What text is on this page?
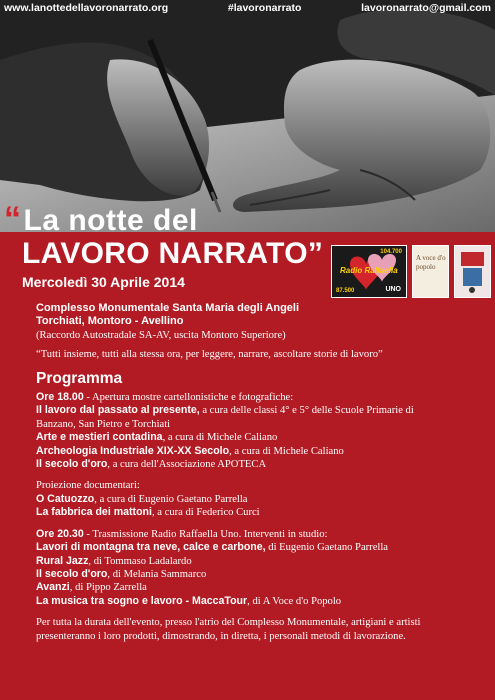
www.lanottedellavoronarrato.org	#lavoronarrato	lavoronarrato@gmail.com
“La notte del
LAVORO NARRATO”
Mercoledì 30 Aprile 2014
104.700
87.500
Radio Raffaella
UNO
A voce d'o popolo

Complesso Monumentale Santa Maria degli Angeli

Torchiati, Montoro - Avellino

(Raccordo Autostradale SA-AV, uscita Montoro Superiore)

“Tutti insieme, tutti alla stessa ora, per leggere, narrare, ascoltare storie di lavoro”

Programma

Ore 18.00 - Apertura mostre cartellonistiche e fotografiche:

Il lavoro dal passato al presente, a cura delle classi 4° e 5° delle Scuole Primarie di

Banzano, San Pietro e Torchiati

Arte e mestieri contadina, a cura di Michele Caliano

Archeologia Industriale XIX-XX Secolo, a cura di Michele Caliano

Il secolo d'oro, a cura dell'Associazione APOTECA

Proiezione documentari:

O Catuozzo, a cura di Eugenio Gaetano Parrella

La fabbrica dei mattoni, a cura di Federico Curci

Ore 20.30 - Trasmissione Radio Raffaella Uno. Interventi in studio:

Lavori di montagna tra neve, calce e carbone, di Eugenio Gaetano Parrella

Rural Jazz, di Tommaso Ladalardo

Il secolo d'oro, di Melania Sammarco

Avanzi, di Pippo Zarrella

La musica tra sogno e lavoro - MaccaTour, di A Voce d'o Popolo

Per tutta la durata dell'evento, presso l'atrio del Complesso Monumentale, artigiani e artisti

presenteranno i loro prodotti, dimostrando, in diretta, i personali metodi di lavorazione.
